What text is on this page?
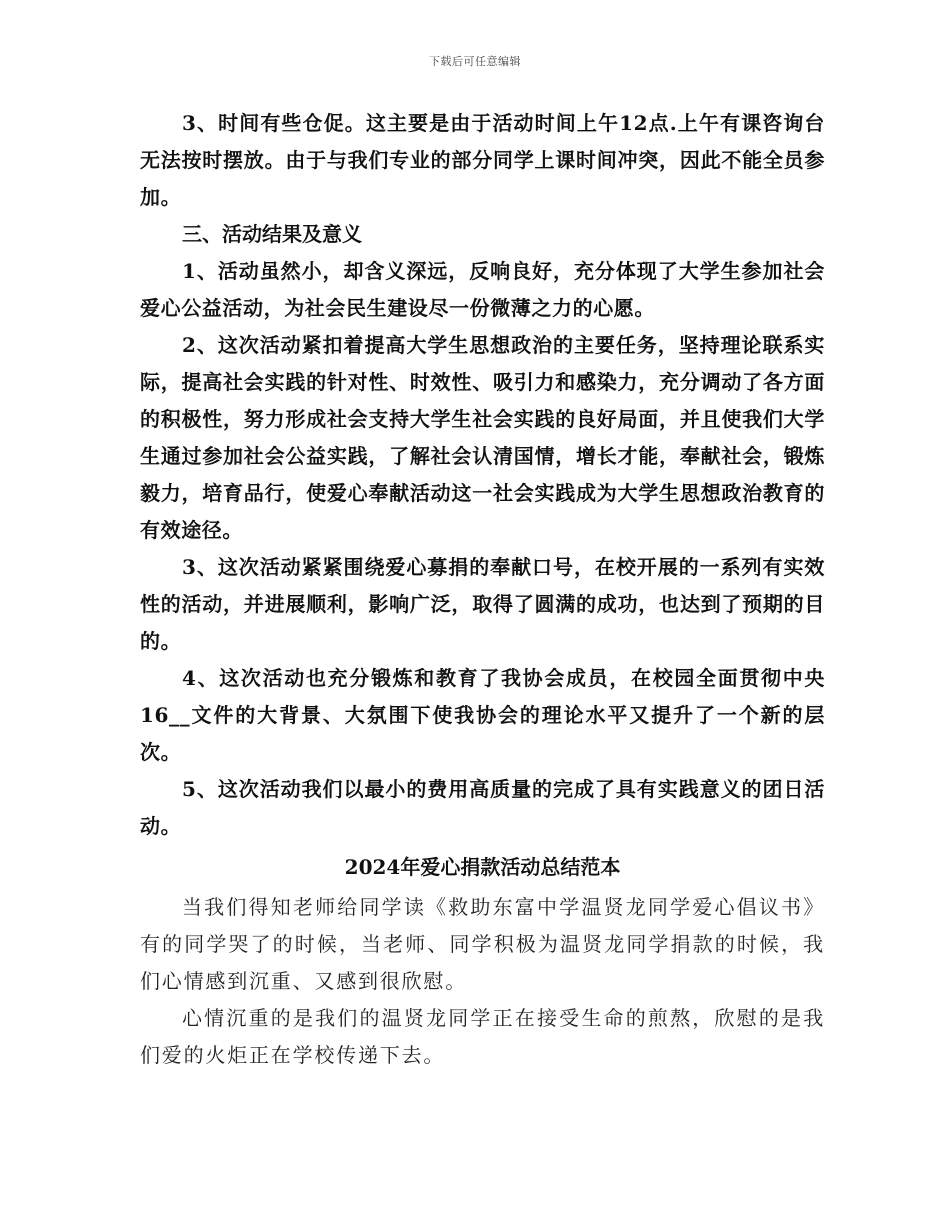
下载后可任意编辑

3、时间有些仓促。这主要是由于活动时间上午12点.上午有课咨询台无法按时摆放。由于与我们专业的部分同学上课时间冲突，因此不能全员参加。

三、活动结果及意义

1、活动虽然小，却含义深远，反响良好，充分体现了大学生参加社会爱心公益活动，为社会民生建设尽一份微薄之力的心愿。

2、这次活动紧扣着提高大学生思想政治的主要任务，坚持理论联系实际，提高社会实践的针对性、时效性、吸引力和感染力，充分调动了各方面的积极性，努力形成社会支持大学生社会实践的良好局面，并且使我们大学生通过参加社会公益实践，了解社会认清国情，增长才能，奉献社会，锻炼毅力，培育品行，使爱心奉献活动这一社会实践成为大学生思想政治教育的有效途径。

3、这次活动紧紧围绕爱心募捐的奉献口号，在校开展的一系列有实效性的活动，并进展顺利，影响广泛，取得了圆满的成功，也达到了预期的目的。

4、这次活动也充分锻炼和教育了我协会成员，在校园全面贯彻中央16__文件的大背景、大氛围下使我协会的理论水平又提升了一个新的层次。

5、这次活动我们以最小的费用高质量的完成了具有实践意义的团日活动。

2024年爱心捐款活动总结范本

当我们得知老师给同学读《救助东富中学温贤龙同学爱心倡议书》有的同学哭了的时候，当老师、同学积极为温贤龙同学捐款的时候，我们心情感到沉重、又感到很欣慰。

心情沉重的是我们的温贤龙同学正在接受生命的煎熬，欣慰的是我们爱的火炬正在学校传递下去。
